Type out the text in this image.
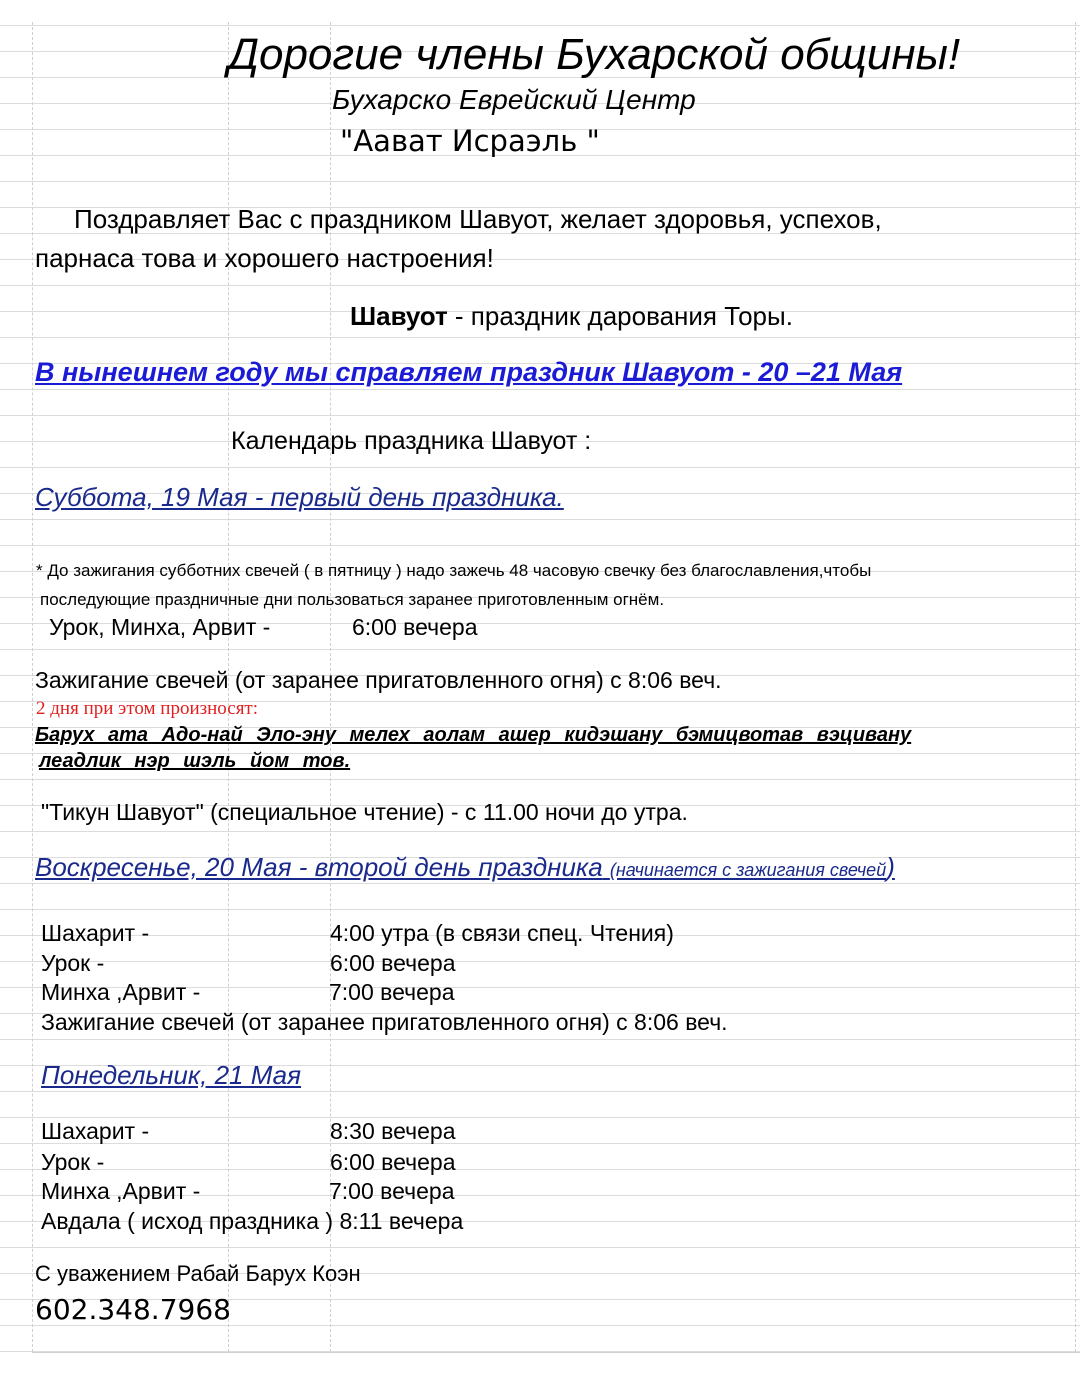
Дорогие члены Бухарской общины!
Бухарско Еврейский Центр
"Аават Исраэль "
Поздравляет Вас с праздником Шавуот, желает здоровья, успехов,
парнаса това и хорошего настроения!
Шавуот - праздник дарования Торы.
В нынешнем году мы справляем праздник Шавуот - 20 –21 Мая
Календарь праздника Шавуот :
Суббота, 19 Мая - первый день праздника.
* До зажигания субботних свечей ( в пятницу ) надо зажечь 48 часовую свечку без благославления,чтобы
последующие праздничные дни пользоваться заранее приготовленным огнём.
Урок, Минха, Арвит -	6:00 вечера
Зажигание свечей (от заранее пригатовленного огня) с 8:06 веч.
2 дня при этом произносят:
Барух ата Адо-най Эло-эну мелех аолам ашер кидэшану бэмицвотав вэцивану
леадлик нэр шэль йом тов.
"Тикун Шавуот" (специальное чтение) - с 11.00 ночи до утра.
Воскресенье, 20 Мая - второй день праздника (начинается с зажигания свечей)
Шахарит -	4:00 утра (в связи спец. Чтения)
Урок -	6:00 вечера
Минха ,Арвит -	7:00 вечера
Зажигание свечей (от заранее пригатовленного огня) с 8:06 веч.
Понедельник, 21 Мая
Шахарит -	8:30 вечера
Урок -	6:00 вечера
Минха ,Арвит -	7:00 вечера
Авдала ( исход праздника ) 8:11 вечера
С уважением Рабай Барух Коэн
602.348.7968
